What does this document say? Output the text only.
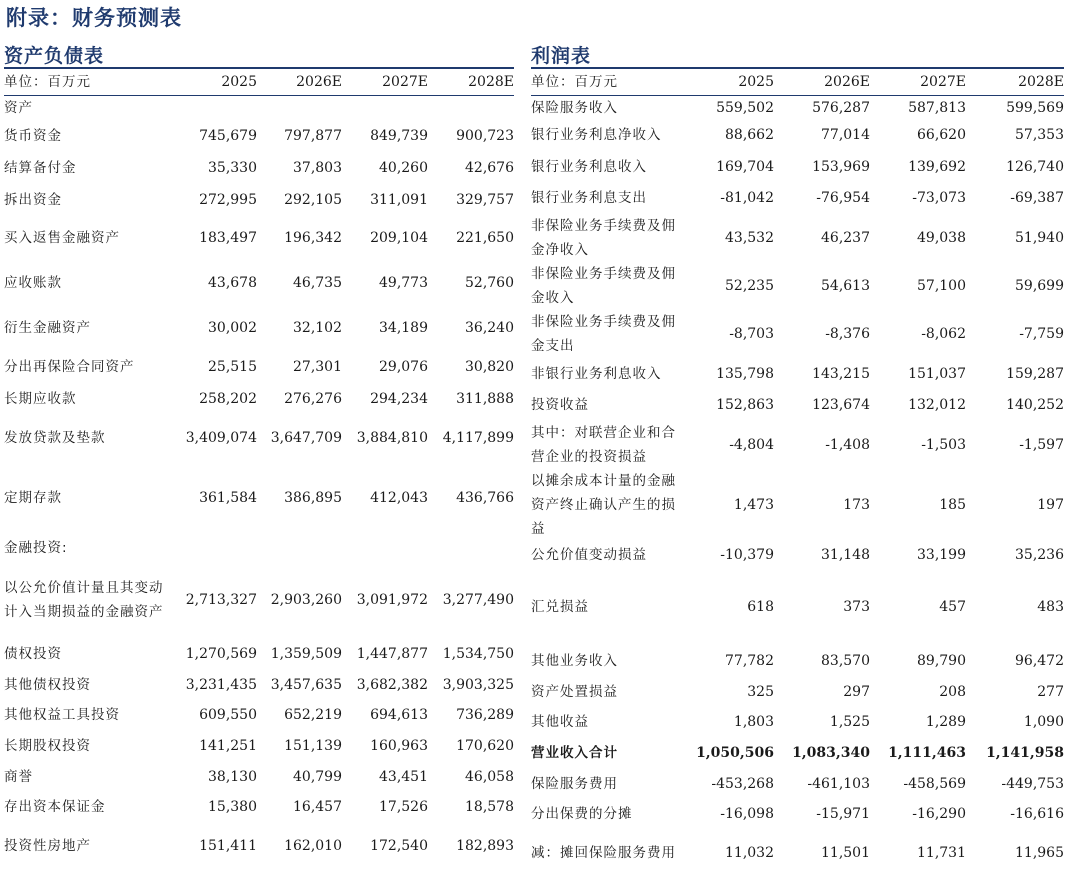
附录：财务预测表
资产负债表	利润表
单位：百万元	2025	2026E	2027E	2028E
资产				
货币资金	745,679	797,877	849,739	900,723
结算备付金	35,330	37,803	40,260	42,676
拆出资金	272,995	292,105	311,091	329,757
买入返售金融资产	183,497	196,342	209,104	221,650
应收账款	43,678	46,735	49,773	52,760
衍生金融资产	30,002	32,102	34,189	36,240
分出再保险合同资产	25,515	27,301	29,076	30,820
长期应收款	258,202	276,276	294,234	311,888
发放贷款及垫款	3,409,074	3,647,709	3,884,810	4,117,899
定期存款	361,584	386,895	412,043	436,766
金融投资:				
以公允价值计量且其变动计入当期损益的金融资产	2,713,327	2,903,260	3,091,972	3,277,490
债权投资	1,270,569	1,359,509	1,447,877	1,534,750
其他债权投资	3,231,435	3,457,635	3,682,382	3,903,325
其他权益工具投资	609,550	652,219	694,613	736,289
长期股权投资	141,251	151,139	160,963	170,620
商誉	38,130	40,799	43,451	46,058
存出资本保证金	15,380	16,457	17,526	18,578
投资性房地产	151,411	162,010	172,540	182,893
单位：百万元	2025	2026E	2027E	2028E
保险服务收入	559,502	576,287	587,813	599,569
银行业务利息净收入	88,662	77,014	66,620	57,353
银行业务利息收入	169,704	153,969	139,692	126,740
银行业务利息支出	-81,042	-76,954	-73,073	-69,387
非保险业务手续费及佣金净收入	43,532	46,237	49,038	51,940
非保险业务手续费及佣金收入	52,235	54,613	57,100	59,699
非保险业务手续费及佣金支出	-8,703	-8,376	-8,062	-7,759
非银行业务利息收入	135,798	143,215	151,037	159,287
投资收益	152,863	123,674	132,012	140,252
其中：对联营企业和合营企业的投资损益	-4,804	-1,408	-1,503	-1,597
以摊余成本计量的金融资产终止确认产生的损益	1,473	173	185	197
公允价值变动损益	-10,379	31,148	33,199	35,236
汇兑损益	618	373	457	483
其他业务收入	77,782	83,570	89,790	96,472
资产处置损益	325	297	208	277
其他收益	1,803	1,525	1,289	1,090
营业收入合计	1,050,506	1,083,340	1,111,463	1,141,958
保险服务费用	-453,268	-461,103	-458,569	-449,753
分出保费的分摊	-16,098	-15,971	-16,290	-16,616
减：摊回保险服务费用	11,032	11,501	11,731	11,965
